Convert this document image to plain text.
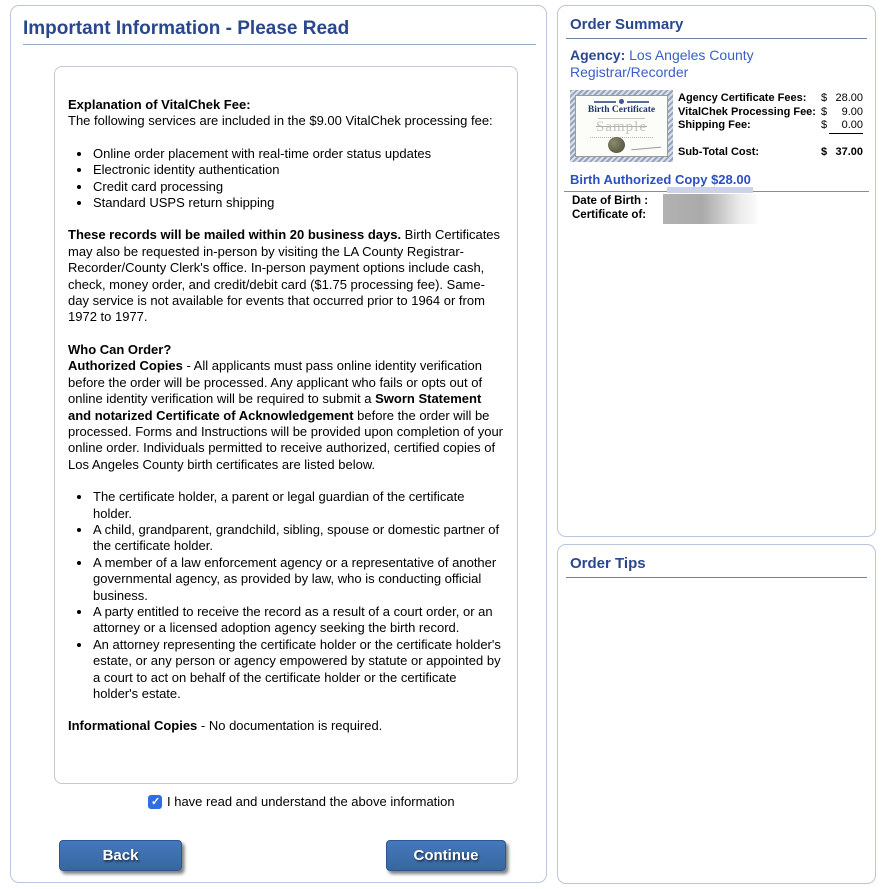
Important Information - Please Read

Explanation of VitalChek Fee:
The following services are included in the $9.00 VitalChek processing fee:

• Online order placement with real-time order status updates
• Electronic identity authentication
• Credit card processing
• Standard USPS return shipping

These records will be mailed within 20 business days. Birth Certificates may also be requested in-person by visiting the LA County Registrar-Recorder/County Clerk's office. In-person payment options include cash, check, money order, and credit/debit card ($1.75 processing fee). Same-day service is not available for events that occurred prior to 1964 or from 1972 to 1977.

Who Can Order?
Authorized Copies - All applicants must pass online identity verification before the order will be processed. Any applicant who fails or opts out of online identity verification will be required to submit a Sworn Statement and notarized Certificate of Acknowledgement before the order will be processed. Forms and Instructions will be provided upon completion of your online order. Individuals permitted to receive authorized, certified copies of Los Angeles County birth certificates are listed below.

• The certificate holder, a parent or legal guardian of the certificate holder.
• A child, grandparent, grandchild, sibling, spouse or domestic partner of the certificate holder.
• A member of a law enforcement agency or a representative of another governmental agency, as provided by law, who is conducting official business.
• A party entitled to receive the record as a result of a court order, or an attorney or a licensed adoption agency seeking the birth record.
• An attorney representing the certificate holder or the certificate holder's estate, or any person or agency empowered by statute or appointed by a court to act on behalf of the certificate holder or the certificate holder's estate.

Informational Copies - No documentation is required.

✓
I have read and understand the above information
Back	Continue
Order Summary

Agency: Los Angeles County Registrar/Recorder

Birth Certificate
Sample
Agency Certificate Fees:	$ 28.00
VitalChek Processing Fee: $	9.00
Shipping Fee:	$	0.00
Sub-Total Cost:	$ 37.00
Birth Authorized Copy $28.00
Date of Birth :
Certificate of:
Order Tips
